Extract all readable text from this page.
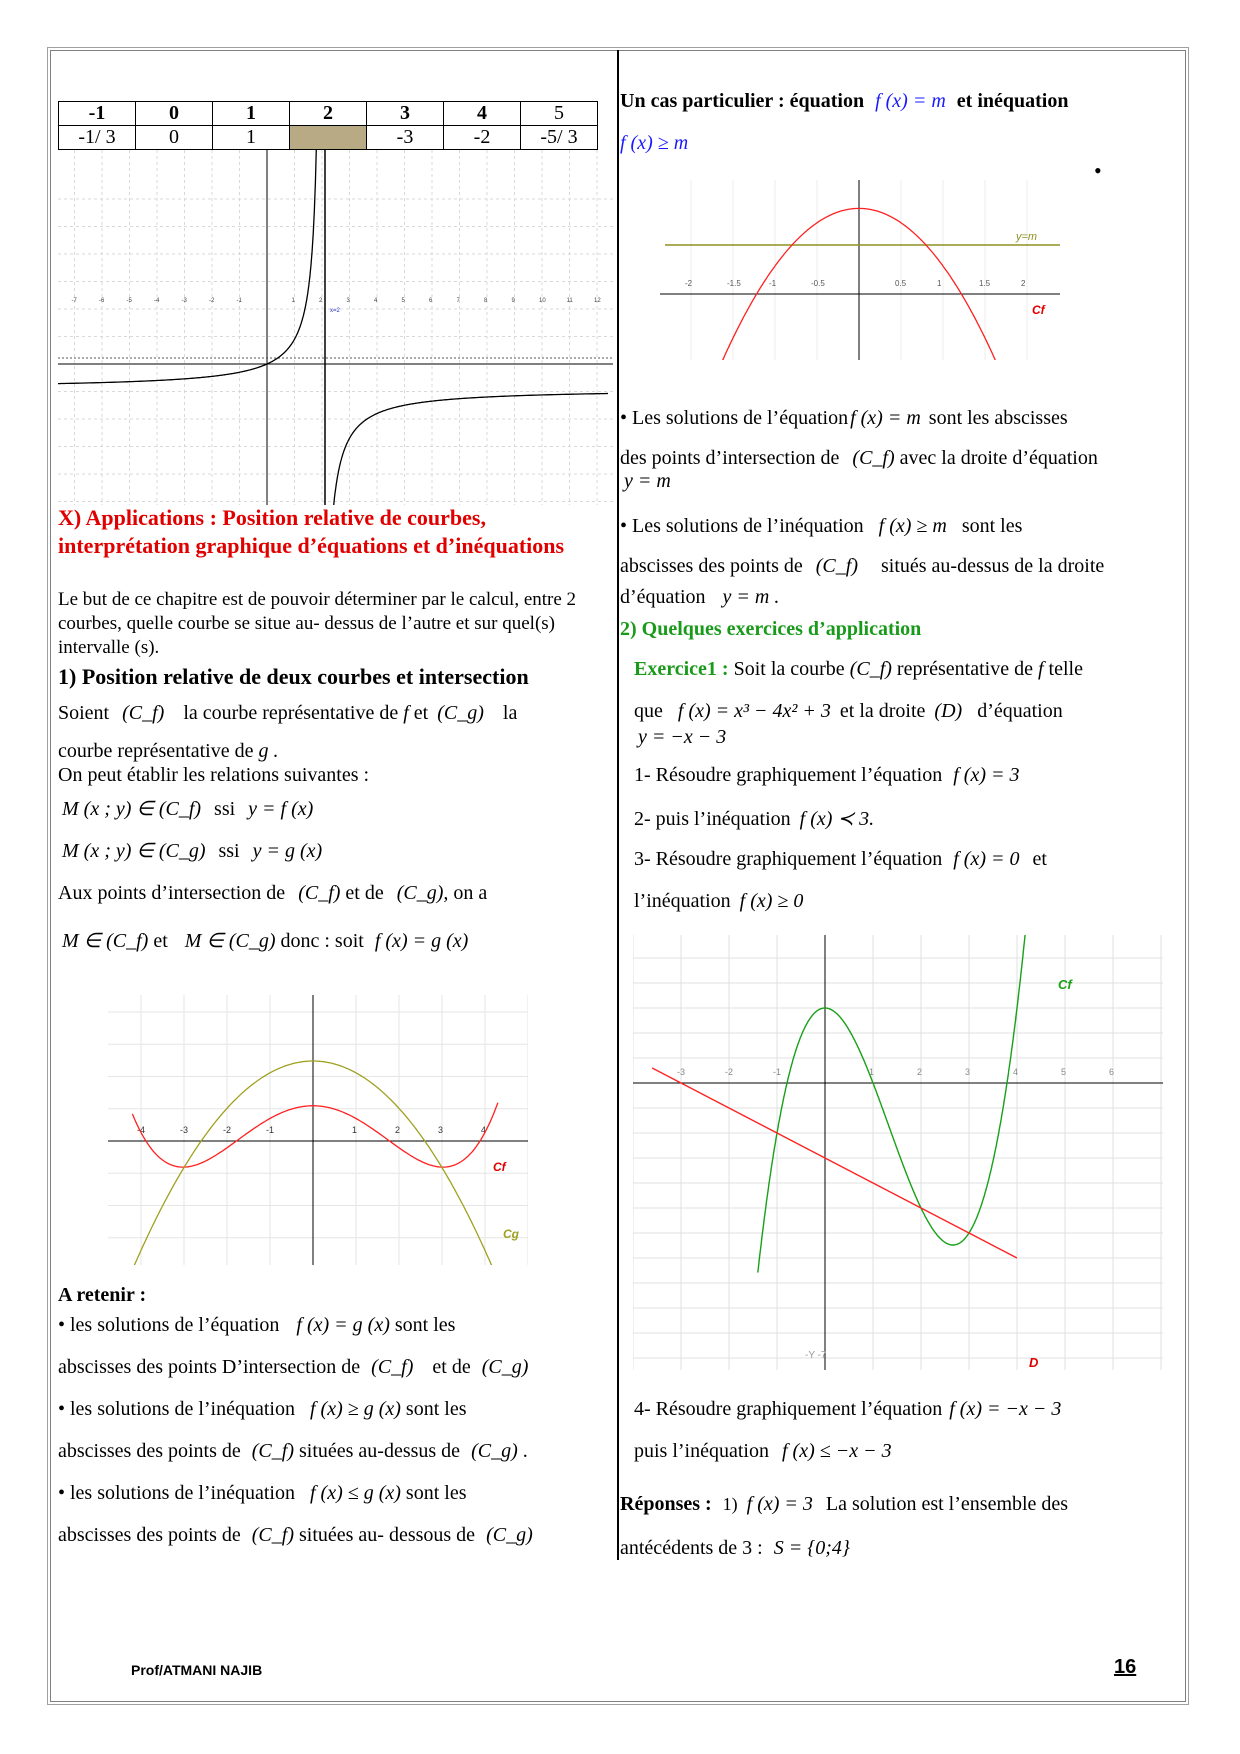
-1	0	1	2	3	4	5
-1/ 3	0	1		-3	-2	-5/ 3
-7	-6	-5	-4	-3	-2	-1	1	2	3	4	5	6	7	8	9	10	11	12
x=2
X) Applications : Position relative de courbes, interprétation graphique d’équations et d’inéquations
Le but de ce chapitre est de pouvoir déterminer par le calcul, entre 2 courbes, quelle courbe se situe au- dessus de l’autre et sur quel(s) intervalle (s).
1) Position relative de deux courbes et intersection
Soient (C_f) la courbe représentative de f et (C_g) la
courbe représentative de g .
On peut établir les relations suivantes :
M (x ; y) ∈ (C_f) ssi y = f (x)
M (x ; y) ∈ (C_g) ssi y = g (x)
Aux points d’intersection de (C_f) et de (C_g), on a
M ∈ (C_f) et M ∈ (C_g) donc : soit f (x) = g (x)
-4	-3	-2	-1	1	2	3	4
Cf
Cg
A retenir :
• les solutions de l’équation f (x) = g (x) sont les
abscisses des points D’intersection de (C_f) et de (C_g)
• les solutions de l’inéquation f (x) ≥ g (x) sont les
abscisses des points de (C_f) situées au-dessus de (C_g) .
• les solutions de l’inéquation f (x) ≤ g (x) sont les
abscisses des points de (C_f) situées au- dessous de (C_g)
Un cas particulier : équation f (x) = m et inéquation
f (x) ≥ m
•
-2	-1.5	-1	-0.5	0.5	1	1.5	2
y=m
Cf
• Les solutions de l’équation f (x) = m sont les abscisses
des points d’intersection de (C_f) avec la droite d’équation
y = m
• Les solutions de l’inéquation f (x) ≥ m sont les
abscisses des points de (C_f) situés au-dessus de la droite
d’équation y = m .
2) Quelques exercices d’application
Exercice1 : Soit la courbe (C_f) représentative de f telle
que f (x) = x³ − 4x² + 3 et la droite (D) d’équation
y = −x − 3
1- Résoudre graphiquement l’équation f (x) = 3
2- puis l’inéquation f (x) ≺ 3.
3- Résoudre graphiquement l’équation f (x) = 0 et
l’inéquation f (x) ≥ 0
-3	-2	-1	1	2	3	4	5	6
Cf
D
-Y -7
4- Résoudre graphiquement l’équation f (x) = −x − 3
puis l’inéquation f (x) ≤ −x − 3
Réponses : 1) f (x) = 3 La solution est l’ensemble des
antécédents de 3 : S = {0;4}
Prof/ATMANI NAJIB	16
